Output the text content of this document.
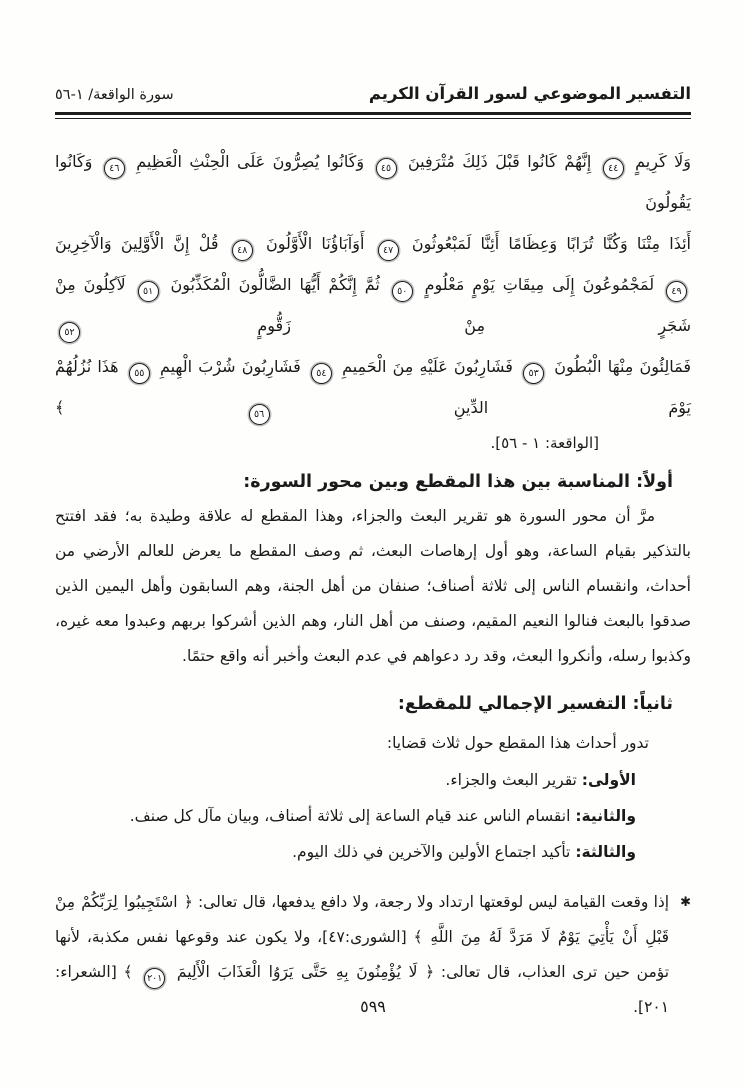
التفسير الموضوعي لسور القرآن الكريم
سورة الواقعة/ ١-٥٦
وَلَا كَرِيمٍ ٤٤ إِنَّهُمْ كَانُوا قَبْلَ ذَلِكَ مُتْرَفِينَ ٤٥ وَكَانُوا يُصِرُّونَ عَلَى الْحِنْثِ الْعَظِيمِ ٤٦ وَكَانُوا يَقُولُونَ
أَئِذَا مِتْنَا وَكُنَّا تُرَابًا وَعِظَامًا أَئِنَّا لَمَبْعُوثُونَ ٤٧ أَوَآبَاؤُنَا الْأَوَّلُونَ ٤٨ قُلْ إِنَّ الْأَوَّلِينَ وَالْآخِرِينَ
٤٩ لَمَجْمُوعُونَ إِلَى مِيقَاتِ يَوْمٍ مَعْلُومٍ ٥٠ ثُمَّ إِنَّكُمْ أَيُّهَا الضَّالُّونَ الْمُكَذِّبُونَ ٥١ لَآكِلُونَ مِنْ شَجَرٍ مِنْ زَقُّومٍ ٥٢
فَمَالِئُونَ مِنْهَا الْبُطُونَ ٥٣ فَشَارِبُونَ عَلَيْهِ مِنَ الْحَمِيمِ ٥٤ فَشَارِبُونَ شُرْبَ الْهِيمِ ٥٥ هَذَا نُزُلُهُمْ يَوْمَ الدِّينِ ٥٦ ﴾
[الواقعة: ١ - ٥٦].
أولاً: المناسبة بين هذا المقطع وبين محور السورة:

مرَّ أن محور السورة هو تقرير البعث والجزاء، وهذا المقطع له علاقة وطيدة به؛ فقد افتتح بالتذكير بقيام الساعة، وهو أول إرهاصات البعث، ثم وصف المقطع ما يعرض للعالم الأرضي من أحداث، وانقسام الناس إلى ثلاثة أصناف؛ صنفان من أهل الجنة، وهم السابقون وأهل اليمين الذين صدقوا بالبعث فنالوا النعيم المقيم، وصنف من أهل النار، وهم الذين أشركوا بربهم وعبدوا معه غيره، وكذبوا رسله، وأنكروا البعث، وقد رد دعواهم في عدم البعث وأخبر أنه واقع حتمًا.

ثانياً: التفسير الإجمالي للمقطع:

تدور أحداث هذا المقطع حول ثلاث قضايا:

الأولى: تقرير البعث والجزاء.

والثانية: انقسام الناس عند قيام الساعة إلى ثلاثة أصناف، وبيان مآل كل صنف.

والثالثة: تأكيد اجتماع الأولين والآخرين في ذلك اليوم.

✱

إذا وقعت القيامة ليس لوقعتها ارتداد ولا رجعة، ولا دافع يدفعها، قال تعالى: ﴿ اسْتَجِيبُوا لِرَبِّكُمْ مِنْ قَبْلِ أَنْ يَأْتِيَ يَوْمٌ لَا مَرَدَّ لَهُ مِنَ اللَّهِ ﴾ [الشورى:٤٧]، ولا يكون عند وقوعها نفس مكذبة، لأنها تؤمن حين ترى العذاب، قال تعالى: ﴿ لَا يُؤْمِنُونَ بِهِ حَتَّى يَرَوُا الْعَذَابَ الْأَلِيمَ ٢٠١ ﴾ [الشعراء: ٢٠١].

٥٩٩
